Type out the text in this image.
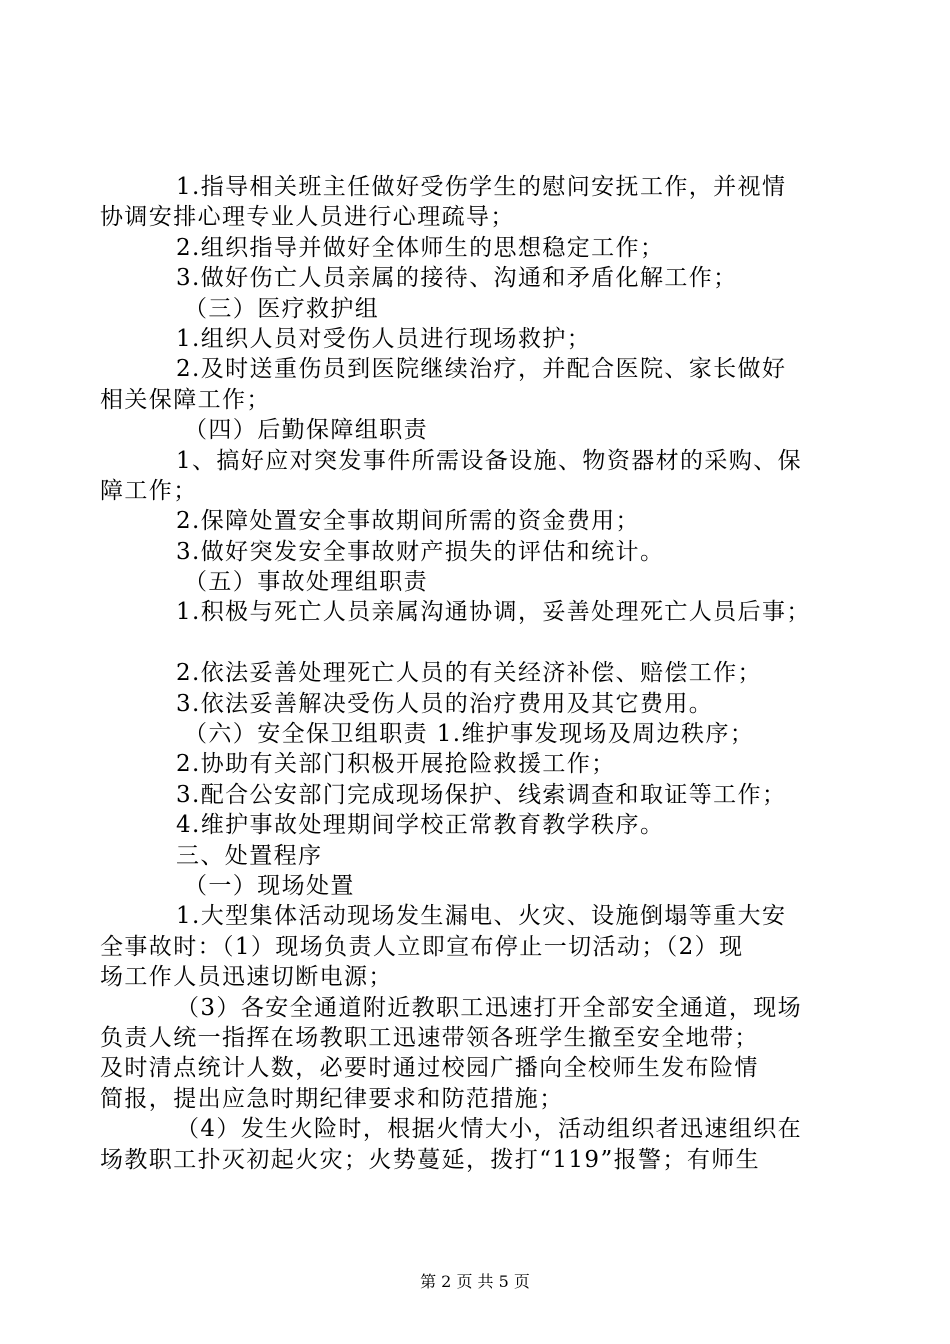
1.指导相关班主任做好受伤学生的慰问安抚工作，并视情
协调安排心理专业人员进行心理疏导；
2.组织指导并做好全体师生的思想稳定工作；
3.做好伤亡人员亲属的接待、沟通和矛盾化解工作；
（三）医疗救护组
1.组织人员对受伤人员进行现场救护；
2.及时送重伤员到医院继续治疗，并配合医院、家长做好
相关保障工作；
（四）后勤保障组职责
1、搞好应对突发事件所需设备设施、物资器材的采购、保
障工作；
2.保障处置安全事故期间所需的资金费用；
3.做好突发安全事故财产损失的评估和统计。
（五）事故处理组职责
1.积极与死亡人员亲属沟通协调，妥善处理死亡人员后事；
2.依法妥善处理死亡人员的有关经济补偿、赔偿工作；
3.依法妥善解决受伤人员的治疗费用及其它费用。
（六）安全保卫组职责 1.维护事发现场及周边秩序；
2.协助有关部门积极开展抢险救援工作；
3.配合公安部门完成现场保护、线索调查和取证等工作；
4.维护事故处理期间学校正常教育教学秩序。
三、处置程序
（一）现场处置
1.大型集体活动现场发生漏电、火灾、设施倒塌等重大安
全事故时：（1）现场负责人立即宣布停止一切活动；（2）现
场工作人员迅速切断电源；
（3）各安全通道附近教职工迅速打开全部安全通道，现场
负责人统一指挥在场教职工迅速带领各班学生撤至安全地带；
及时清点统计人数，必要时通过校园广播向全校师生发布险情
简报，提出应急时期纪律要求和防范措施；
（4）发生火险时，根据火情大小，活动组织者迅速组织在
场教职工扑灭初起火灾；火势蔓延，拨打“119”报警；有师生
第 2 页 共 5 页
